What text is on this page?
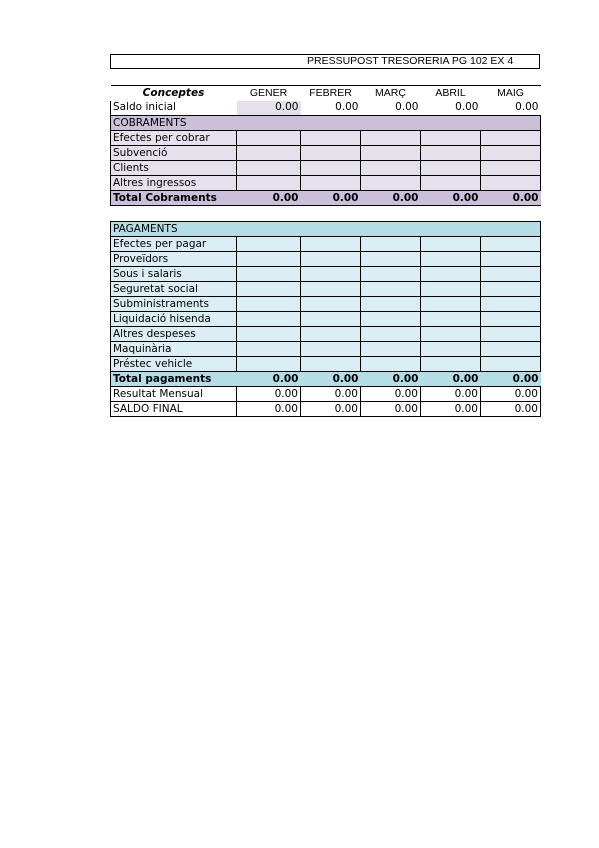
PRESSUPOST TRESORERIA PG 102 EX 4
Conceptes	GENER	FEBRER	MARÇ	ABRIL	MAIG
Saldo inicial	0.00	0.00	0.00	0.00	0.00
COBRAMENTS					
Efectes per cobrar					
Subvenció					
Clients					
Altres ingressos					
Total Cobraments	0.00	0.00	0.00	0.00	0.00
PAGAMENTS					
Efectes per pagar					
Proveïdors					
Sous i salaris					
Seguretat social					
Subministraments					
Liquidació hisenda					
Altres despeses					
Maquinària					
Préstec vehicle					
Total pagaments	0.00	0.00	0.00	0.00	0.00
Resultat Mensual	0.00	0.00	0.00	0.00	0.00
SALDO FINAL	0.00	0.00	0.00	0.00	0.00
